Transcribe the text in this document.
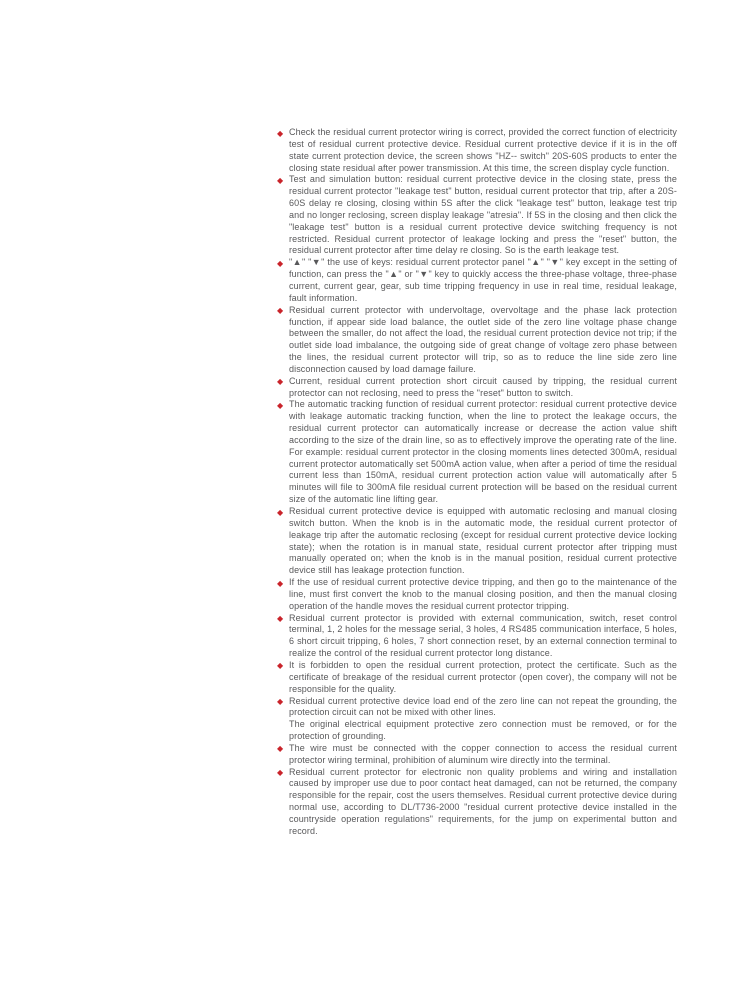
◆ Check the residual current protector wiring is correct, provided the correct function of electricity test of residual current protective device. Residual current protective device if it is in the off state current protection device, the screen shows "HZ-- switch" 20S-60S products to enter the closing state residual after power transmission. At this time, the screen display cycle function.

◆ Test and simulation button: residual current protective device in the closing state, press the residual current protector "leakage test" button, residual current protector that trip, after a 20S-60S delay re closing, closing within 5S after the click "leakage test" button, leakage test trip and no longer reclosing, screen display leakage "atresia". If 5S in the closing and then click the "leakage test" button is a residual current protective device switching frequency is not restricted. Residual current protector of leakage locking and press the "reset" button, the residual current protector after time delay re closing. So is the earth leakage test.

◆ "▲" "▼" the use of keys: residual current protector panel "▲" "▼" key except in the setting of function, can press the "▲" or "▼" key to quickly access the three-phase voltage, three-phase current, current gear, gear, sub time tripping frequency in use in real time, residual leakage, fault information.

◆ Residual current protector with undervoltage, overvoltage and the phase lack protection function, if appear side load balance, the outlet side of the zero line voltage phase change between the smaller, do not affect the load, the residual current protection device not trip; if the outlet side load imbalance, the outgoing side of great change of voltage zero phase between the lines, the residual current protector will trip, so as to reduce the line side zero line disconnection caused by load damage failure.

◆ Current, residual current protection short circuit caused by tripping, the residual current protector can not reclosing, need to press the "reset" button to switch.

◆ The automatic tracking function of residual current protector: residual current protective device with leakage automatic tracking function, when the line to protect the leakage occurs, the residual current protector can automatically increase or decrease the action value shift according to the size of the drain line, so as to effectively improve the operating rate of the line. For example: residual current protector in the closing moments lines detected 300mA, residual current protector automatically set 500mA action value, when after a period of time the residual current less than 150mA, residual current protection action value will automatically after 5 minutes will file to 300mA file residual current protection will be based on the residual current size of the automatic line lifting gear.

◆ Residual current protective device is equipped with automatic reclosing and manual closing switch button. When the knob is in the automatic mode, the residual current protector of leakage trip after the automatic reclosing (except for residual current protective device locking state); when the rotation is in manual state, residual current protector after tripping must manually operated on; when the knob is in the manual position, residual current protective device still has leakage protection function.

◆ If the use of residual current protective device tripping, and then go to the maintenance of the line, must first convert the knob to the manual closing position, and then the manual closing operation of the handle moves the residual current protector tripping.

◆ Residual current protector is provided with external communication, switch, reset control terminal, 1, 2 holes for the message serial, 3 holes, 4 RS485 communication interface, 5 holes, 6 short circuit tripping, 6 holes, 7 short connection reset, by an external connection terminal to realize the control of the residual current protector long distance.

◆ It is forbidden to open the residual current protection, protect the certificate. Such as the certificate of breakage of the residual current protector (open cover), the company will not be responsible for the quality.

◆ Residual current protective device load end of the zero line can not repeat the grounding, the protection circuit can not be mixed with other lines.

The original electrical equipment protective zero connection must be removed, or for the protection of grounding.

◆ The wire must be connected with the copper connection to access the residual current protector wiring terminal, prohibition of aluminum wire directly into the terminal.

◆ Residual current protector for electronic non quality problems and wiring and installation caused by improper use due to poor contact heat damaged, can not be returned, the company responsible for the repair, cost the users themselves. Residual current protective device during normal use, according to DL/T736-2000 "residual current protective device installed in the countryside operation regulations" requirements, for the jump on experimental button and record.
